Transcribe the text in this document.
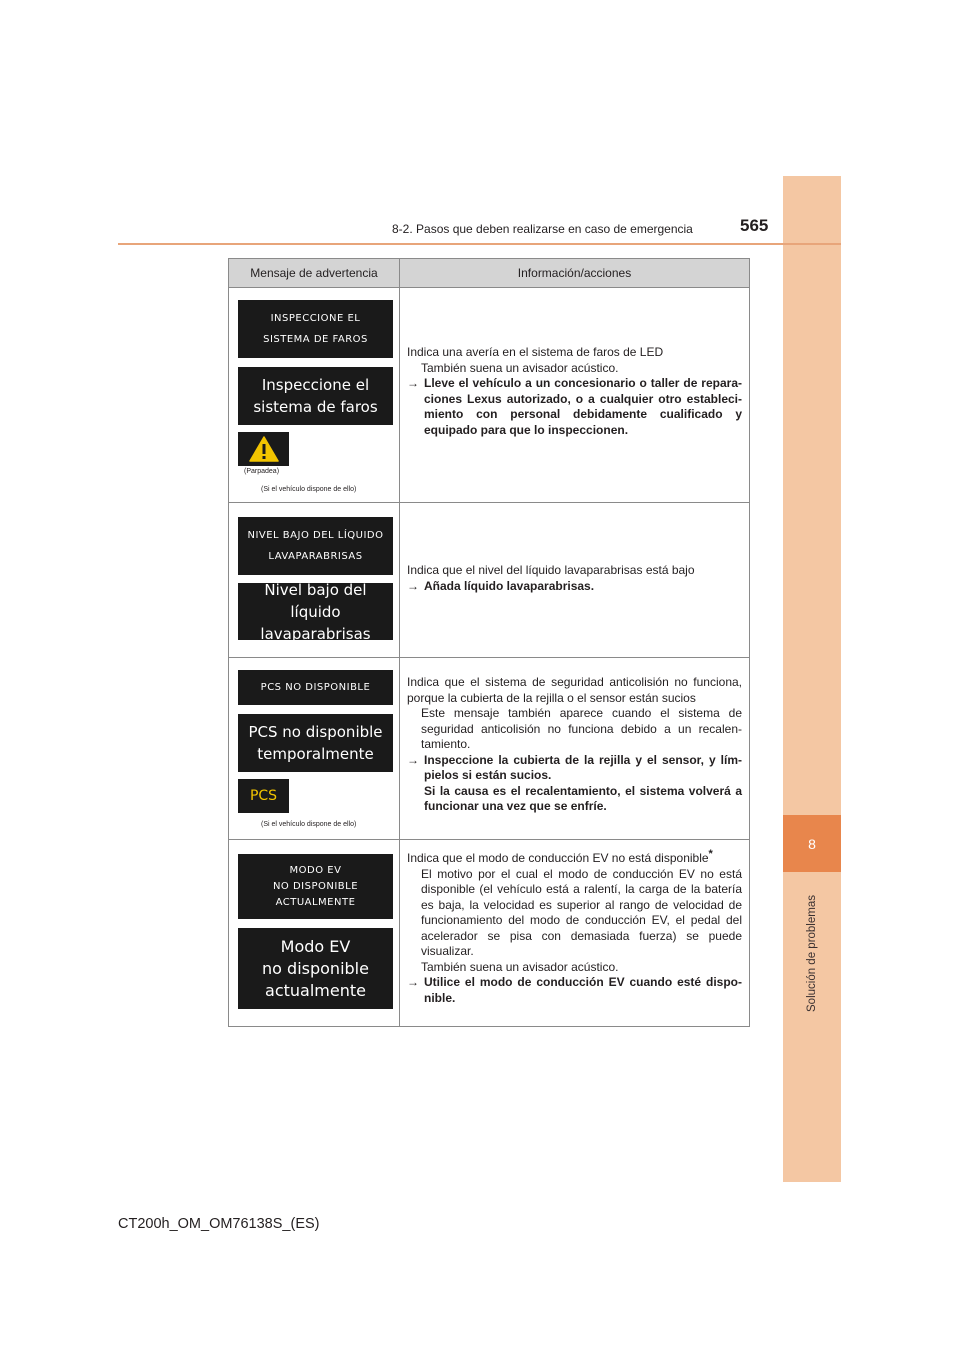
8
Solución de problemas
8-2. Pasos que deben realizarse en caso de emergencia	565
Mensaje de advertencia	Información/acciones
INSPECCIONE EL
SISTEMA DE FAROS
Inspeccione el
sistema de faros
(Parpadea)
(Si el vehículo dispone de ello)

Indica una avería en el sistema de faros de LED

También suena un avisador acústico.

→ Lleve el vehículo a un concesionario o taller de repara-ciones Lexus autorizado, o a cualquier otro estableci-miento con personal debidamente cualificado y equipado para que lo inspeccionen.

NIVEL BAJO DEL LÍQUIDO
LAVAPARABRISAS
Nivel bajo del líquido
lavaparabrisas

Indica que el nivel del líquido lavaparabrisas está bajo

→ Añada líquido lavaparabrisas.

PCS NO DISPONIBLE
PCS no disponible
temporalmente
PCS
(Si el vehículo dispone de ello)

Indica que el sistema de seguridad anticolisión no funciona, porque la cubierta de la rejilla o el sensor están sucios

Este mensaje también aparece cuando el sistema de seguridad anticolisión no funciona debido a un recalen-tamiento.

→ Inspeccione la cubierta de la rejilla y el sensor, y lím-pielos si están sucios.

Si la causa es el recalentamiento, el sistema volverá a funcionar una vez que se enfríe.

MODO EV
NO DISPONIBLE
ACTUALMENTE
Modo EV
no disponible
actualmente

Indica que el modo de conducción EV no está disponible*

El motivo por el cual el modo de conducción EV no está disponible (el vehículo está a ralentí, la carga de la batería es baja, la velocidad es superior al rango de velocidad de funcionamiento del modo de conducción EV, el pedal del acelerador se pisa con demasiada fuerza) se puede visualizar.

También suena un avisador acústico.

→ Utilice el modo de conducción EV cuando esté dispo-nible.

CT200h_OM_OM76138S_(ES)
